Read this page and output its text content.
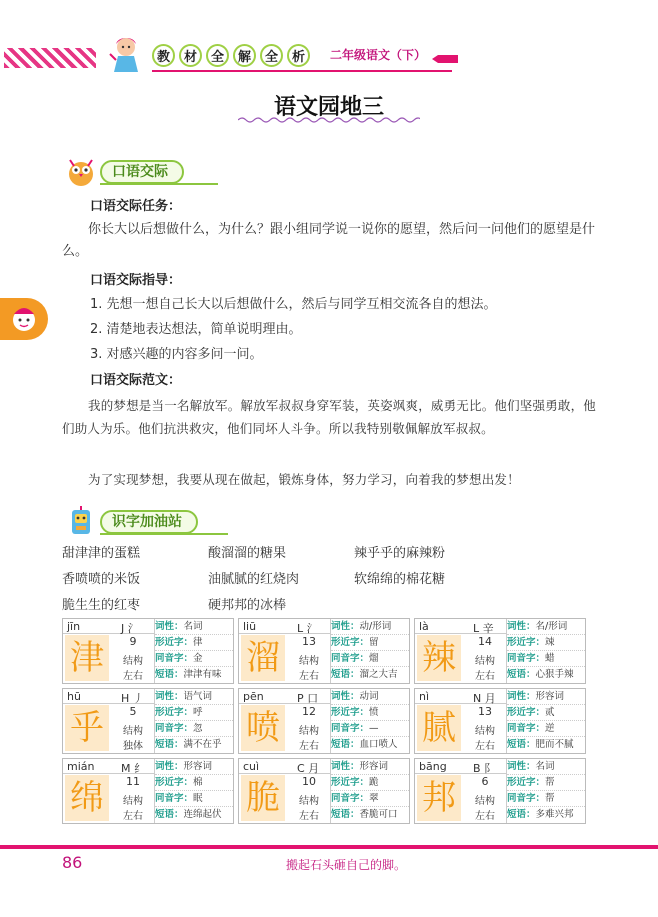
教	材	全	解	全	析	二年级语文（下）
语文园地三
口语交际
口语交际任务：
你长大以后想做什么，为什么？跟小组同学说一说你的愿望，然后问一问他们的愿望是什么。
口语交际指导：
1. 先想一想自己长大以后想做什么，然后与同学互相交流各自的想法。
2. 清楚地表达想法，简单说明理由。
3. 对感兴趣的内容多问一问。
口语交际范文：
我的梦想是当一名解放军。解放军叔叔身穿军装，英姿飒爽，威勇无比。他们坚强勇敢，他们助人为乐。他们抗洪救灾，他们同坏人斗争。所以我特别敬佩解放军叔叔。
为了实现梦想，我要从现在做起，锻炼身体，努力学习，向着我的梦想出发！
识字加油站
甜津津的蛋糕	酸溜溜的糖果	辣乎乎的麻辣粉
香喷喷的米饭	油腻腻的红烧肉	软绵绵的棉花糖
脆生生的红枣	硬邦邦的冰棒
jīn	J 氵
津	9
结构
左右
词性：名词
形近字：律
同音字：金
短语：津津有味
liū	L 氵
溜	13
结构
左右
词性：动/形词
形近字：留
同音字：熘
短语：溜之大吉
là	L 辛
辣	14
结构
左右
词性：名/形词
形近字：竦
同音字：蜡
短语：心狠手辣
hū	H 丿
乎	5
结构
独体
词性：语气词
形近字：呼
同音字：忽
短语：满不在乎
pēn	P 口
喷	12
结构
左右
词性：动词
形近字：愤
同音字：—
短语：血口喷人
nì	N 月
腻	13
结构
左右
词性：形容词
形近字：贰
同音字：逆
短语：肥而不腻
mián M 纟
绵	11
结构
左右
词性：形容词
形近字：棉
同音字：眠
短语：连绵起伏
cuì	C 月
脆	10
结构
左右
词性：形容词
形近字：跪
同音字：翠
短语：香脆可口
bāng B 阝
邦	6
结构
左右
词性：名词
形近字：帮
同音字：帮
短语：多难兴邦
86	搬起石头砸自己的脚。
